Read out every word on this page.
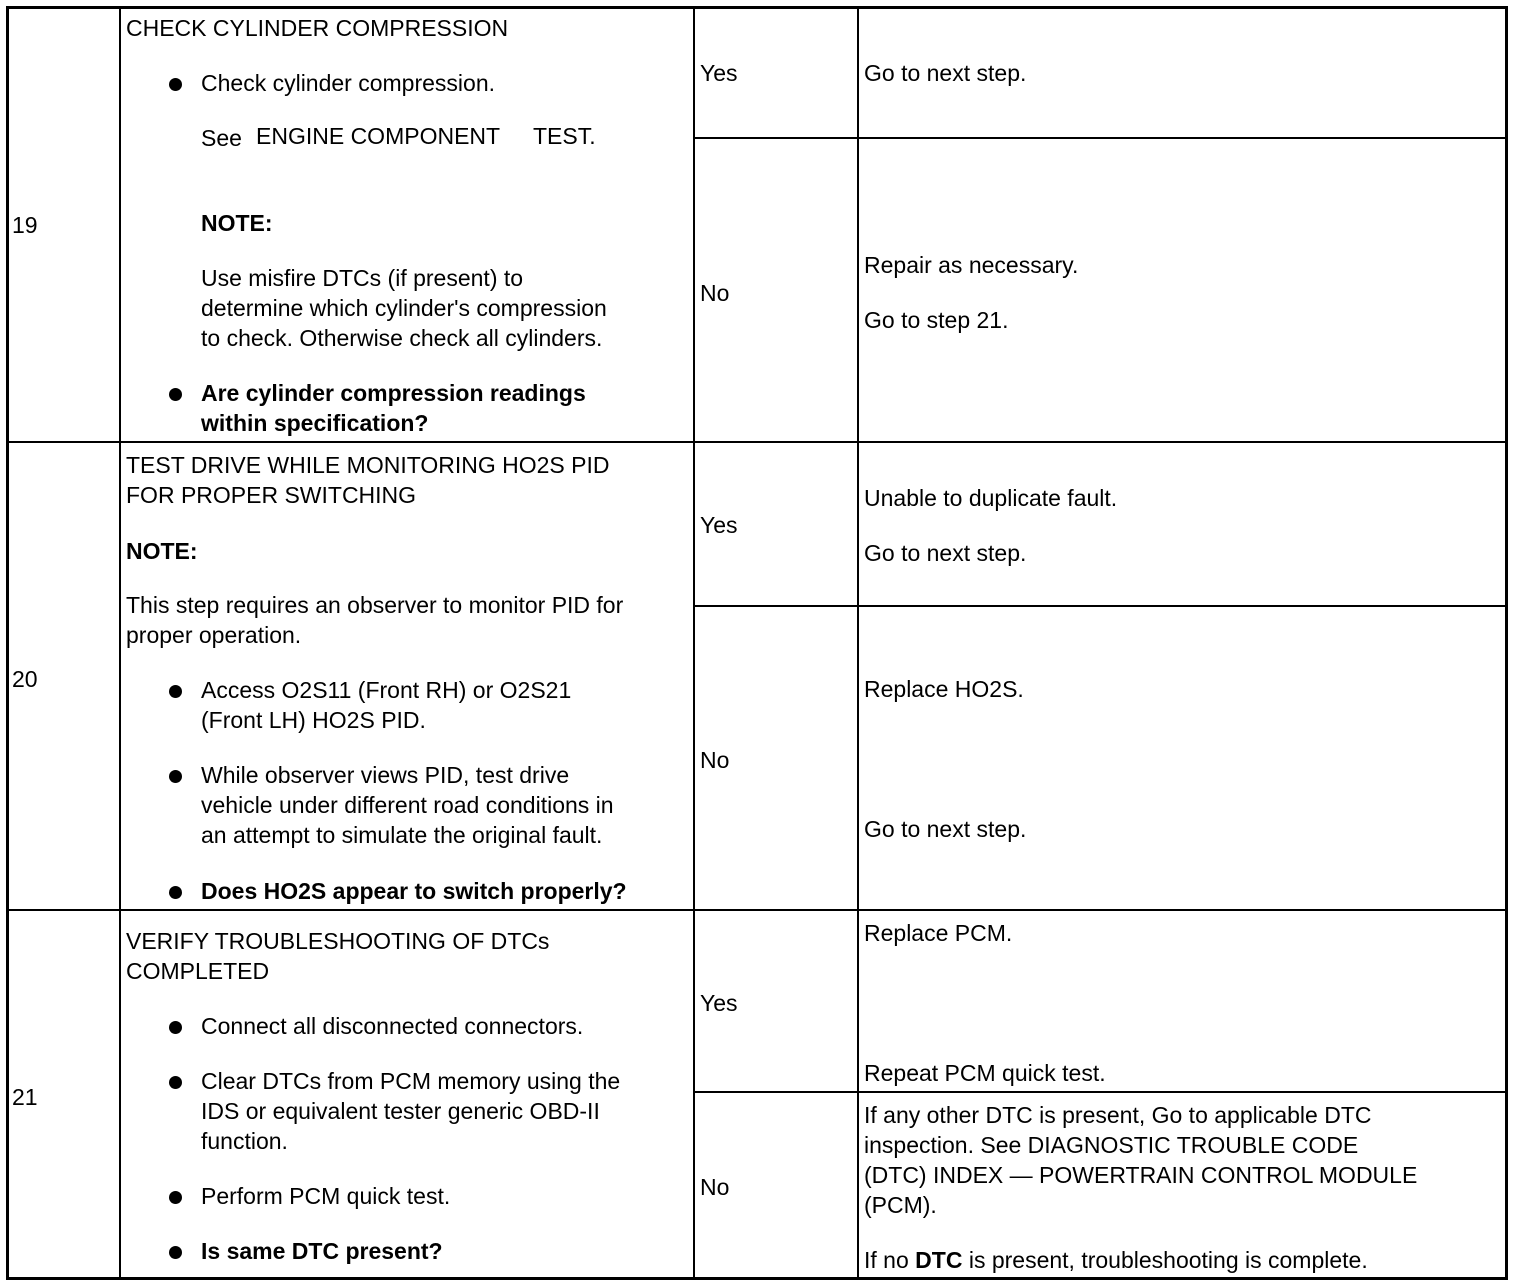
19
CHECK CYLINDER COMPRESSION
Check cylinder compression.
See ENGINE COMPONENT TEST.
NOTE:
Use misfire DTCs (if present) to
determine which cylinder's compression
to check. Otherwise check all cylinders.
Are cylinder compression readings
within specification?
Yes	Go to next step.
No
Repair as necessary.
Go to step 21.
20
TEST DRIVE WHILE MONITORING HO2S PID
FOR PROPER SWITCHING
NOTE:
This step requires an observer to monitor PID for
proper operation.
Access O2S11 (Front RH) or O2S21
(Front LH) HO2S PID.
While observer views PID, test drive
vehicle under different road conditions in
an attempt to simulate the original fault.
Does HO2S appear to switch properly?
Yes
Unable to duplicate fault.
Go to next step.
No
Replace HO2S.
Go to next step.
21
VERIFY TROUBLESHOOTING OF DTCs
COMPLETED
Connect all disconnected connectors.
Clear DTCs from PCM memory using the
IDS or equivalent tester generic OBD-II
function.
Perform PCM quick test.
Is same DTC present?
Yes
Replace PCM.
Repeat PCM quick test.
No
If any other DTC is present, Go to applicable DTC
inspection. See DIAGNOSTIC TROUBLE CODE
(DTC) INDEX — POWERTRAIN CONTROL MODULE
(PCM).
If no DTC is present, troubleshooting is complete.
